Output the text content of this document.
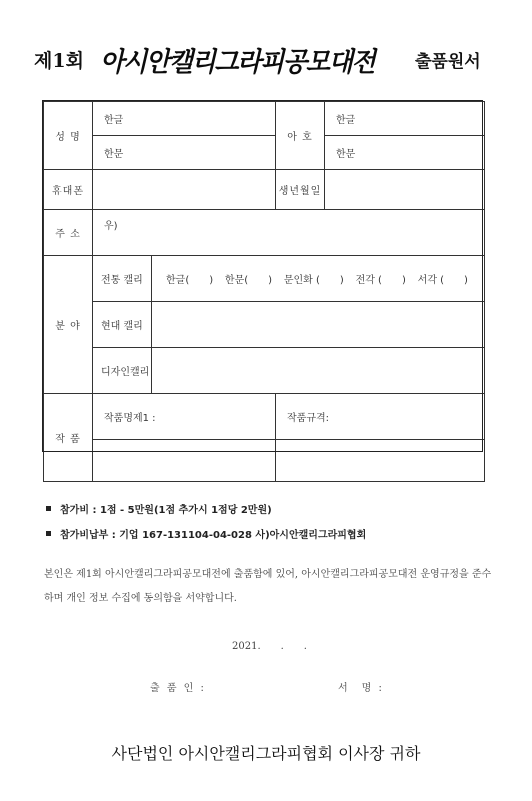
제1회 아시안캘리그라피공모대전 출품원서
성 명	한글		아 호	한글
	한문			한문
휴대폰			생년월일	
주 소	우)			
분 야	전통 캘리	한글(　　) 한문(　　) 문인화 (　　) 전각 (　　) 서각 (　　)		

	현대 캘리			
	디자인캘리			
작 품	작품명제1 :		작품규격:	

참가비 : 1점 - 5만원(1점 추가시 1점당 2만원)
참가비납부 : 기업 167-131104-04-028 사)아시안캘리그라피협회
본인은 제1회 아시안캘리그라피공모대전에 출품함에 있어, 아시안캘리그라피공모대전 운영규정을 준수하며 개인 정보 수집에 동의함을 서약합니다.
2021.　　.　　.
출 품 인 :	서　명 :
사단법인 아시안캘리그라피협회 이사장 귀하
